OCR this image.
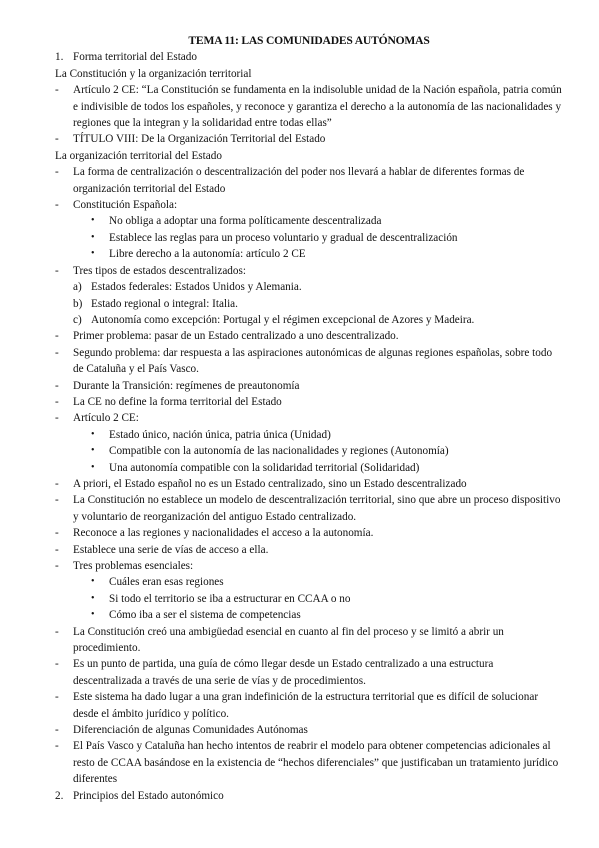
TEMA 11: LAS COMUNIDADES AUTÓNOMAS
1. Forma territorial del Estado
La Constitución y la organización territorial
- Artículo 2 CE: “La Constitución se fundamenta en la indisoluble unidad de la Nación española, patria común e indivisible de todos los españoles, y reconoce y garantiza el derecho a la autonomía de las nacionalidades y regiones que la integran y la solidaridad entre todas ellas”
- TÍTULO VIII: De la Organización Territorial del Estado
La organización territorial del Estado
- La forma de centralización o descentralización del poder nos llevará a hablar de diferentes formas de organización territorial del Estado
- Constitución Española:
• No obliga a adoptar una forma políticamente descentralizada
• Establece las reglas para un proceso voluntario y gradual de descentralización
• Libre derecho a la autonomía: artículo 2 CE
- Tres tipos de estados descentralizados:
a) Estados federales: Estados Unidos y Alemania.
b) Estado regional o integral: Italia.
c) Autonomía como excepción: Portugal y el régimen excepcional de Azores y Madeira.
- Primer problema: pasar de un Estado centralizado a uno descentralizado.
- Segundo problema: dar respuesta a las aspiraciones autonómicas de algunas regiones españolas, sobre todo de Cataluña y el País Vasco.
- Durante la Transición: regímenes de preautonomía
- La CE no define la forma territorial del Estado
- Artículo 2 CE:
• Estado único, nación única, patria única (Unidad)
• Compatible con la autonomía de las nacionalidades y regiones (Autonomía)
• Una autonomía compatible con la solidaridad territorial (Solidaridad)
- A priori, el Estado español no es un Estado centralizado, sino un Estado descentralizado
- La Constitución no establece un modelo de descentralización territorial, sino que abre un proceso dispositivo y voluntario de reorganización del antiguo Estado centralizado.
- Reconoce a las regiones y nacionalidades el acceso a la autonomía.
- Establece una serie de vías de acceso a ella.
- Tres problemas esenciales:
• Cuáles eran esas regiones
• Si todo el territorio se iba a estructurar en CCAA o no
• Cómo iba a ser el sistema de competencias
- La Constitución creó una ambigüedad esencial en cuanto al fin del proceso y se limitó a abrir un procedimiento.
- Es un punto de partida, una guía de cómo llegar desde un Estado centralizado a una estructura descentralizada a través de una serie de vías y de procedimientos.
- Este sistema ha dado lugar a una gran indefinición de la estructura territorial que es difícil de solucionar desde el ámbito jurídico y político.
- Diferenciación de algunas Comunidades Autónomas
- El País Vasco y Cataluña han hecho intentos de reabrir el modelo para obtener competencias adicionales al resto de CCAA basándose en la existencia de “hechos diferenciales” que justificaban un tratamiento jurídico diferentes
2. Principios del Estado autonómico
